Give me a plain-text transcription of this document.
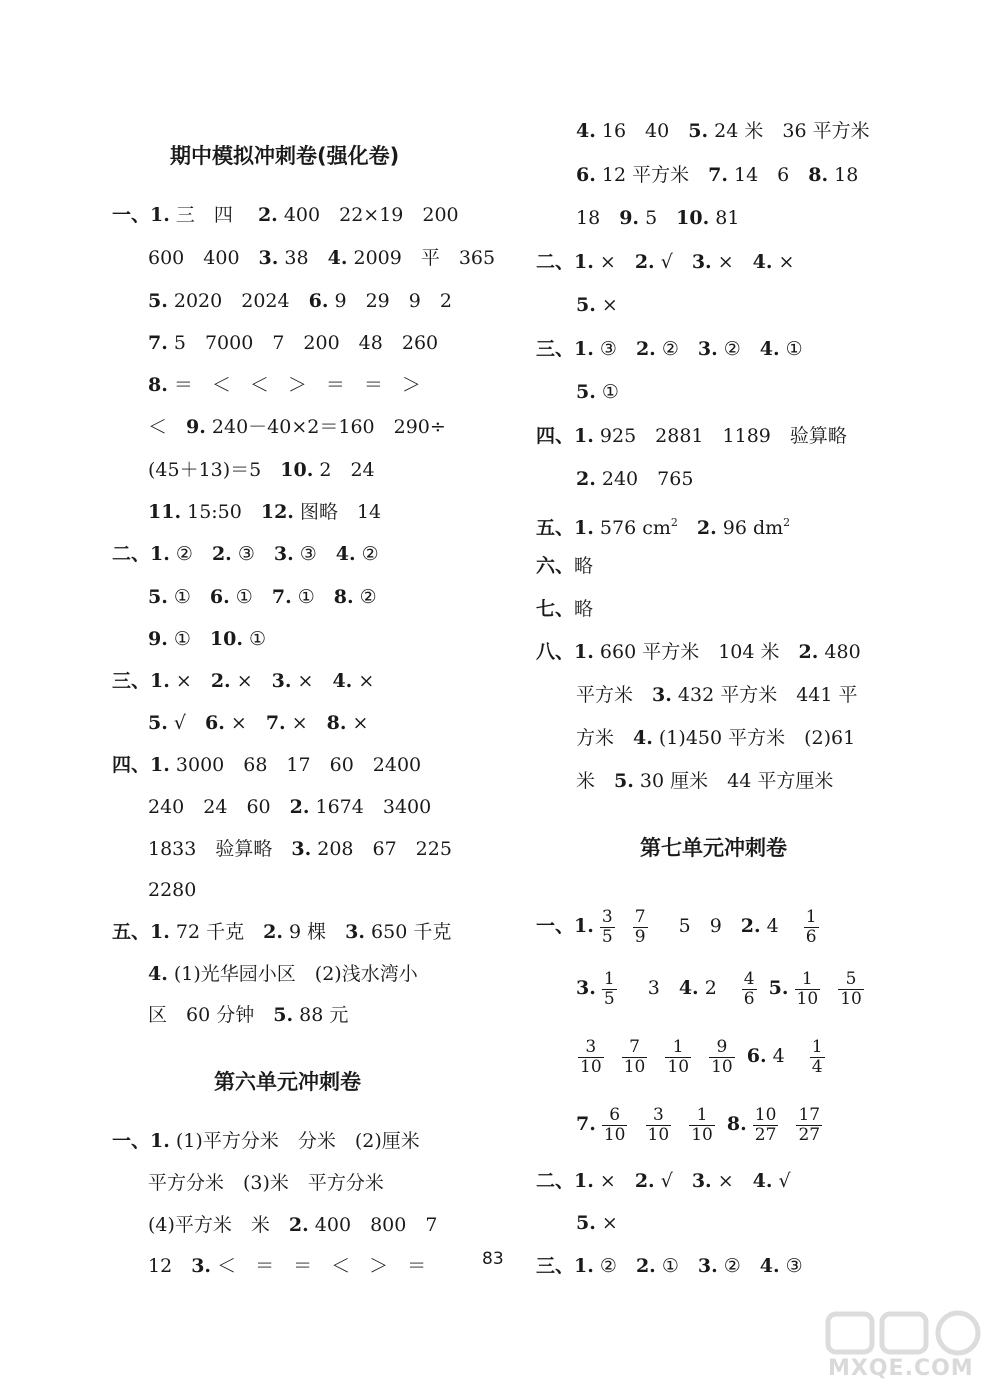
期中模拟冲刺卷(强化卷)
一、1. 三　四　 2. 400　22×19　200
600　400　3. 38　4. 2009　平　365
5. 2020　2024　6. 9　29　9　2
7. 5　7000　7　200　48　260
8. ＝　＜　＜　＞　＝　＝　＞
＜　9. 240－40×2＝160　290÷
(45＋13)＝5　10. 2　24
11. 15:50　12. 图略　14
二、1. ②　2. ③　3. ③　4. ②
5. ①　6. ①　7. ①　8. ②
9. ①　10. ①
三、1. ×　2. ×　3. ×　4. ×
5. √　6. ×　7. ×　8. ×
四、1. 3000　68　17　60　2400
240　24　60　2. 1674　3400
1833　验算略　3. 208　67　225
2280
五、1. 72 千克　2. 9 棵　3. 650 千克
4. (1)光华园小区　(2)浅水湾小
区　60 分钟　5. 88 元
第六单元冲刺卷
一、1. (1)平方分米　分米　(2)厘米
平方分米　(3)米　平方分米
(4)平方米　米　2. 400　800　7
12　3. ＜　＝　＝　＜　＞　＝
4. 16　40　5. 24 米　36 平方米
6. 12 平方米　7. 14　6　8. 18
18　9. 5　10. 81
二、1. ×　2. √　3. ×　4. ×
5. ×
三、1. ③　2. ②　3. ②　4. ①
5. ①
四、1. 925　2881　1189　验算略
2. 240　765
五、1. 576 $cm^2$　 2. 96 $dm^2$
六、略
七、略
八、1. 660 平方米　104 米　2. 480
平方米　3. 432 平方米　441 平
方米　4. (1)450 平方米　(2)61
米　5. 30 厘米　44 平方厘米
第七单元冲刺卷
一、1. $\frac{3}{5}$
$\frac{7}{9}$ 　5　9　2. 4　 $\frac{1}{6}$
3. $\frac{1}{5}$ 　3　4. 2　 $\frac{4}{6} 5$. $\frac{1}{10}$
$\frac{5}{10}$
$\frac{3}{10}$
$\frac{7}{10}$
$\frac{1}{10}$
$\frac{9}{10} 6$. 4　 $\frac{1}{4}$
7. $\frac{6}{10}$
$\frac{3}{10}$
$\frac{1}{10} 8$. $\frac{10}{27}$
$\frac{17}{27}$
二、1. ×　2. √　3. ×　4. √
5. ×
三、1. ②　2. ①　3. ②　4. ③
83
MXQE.COM
